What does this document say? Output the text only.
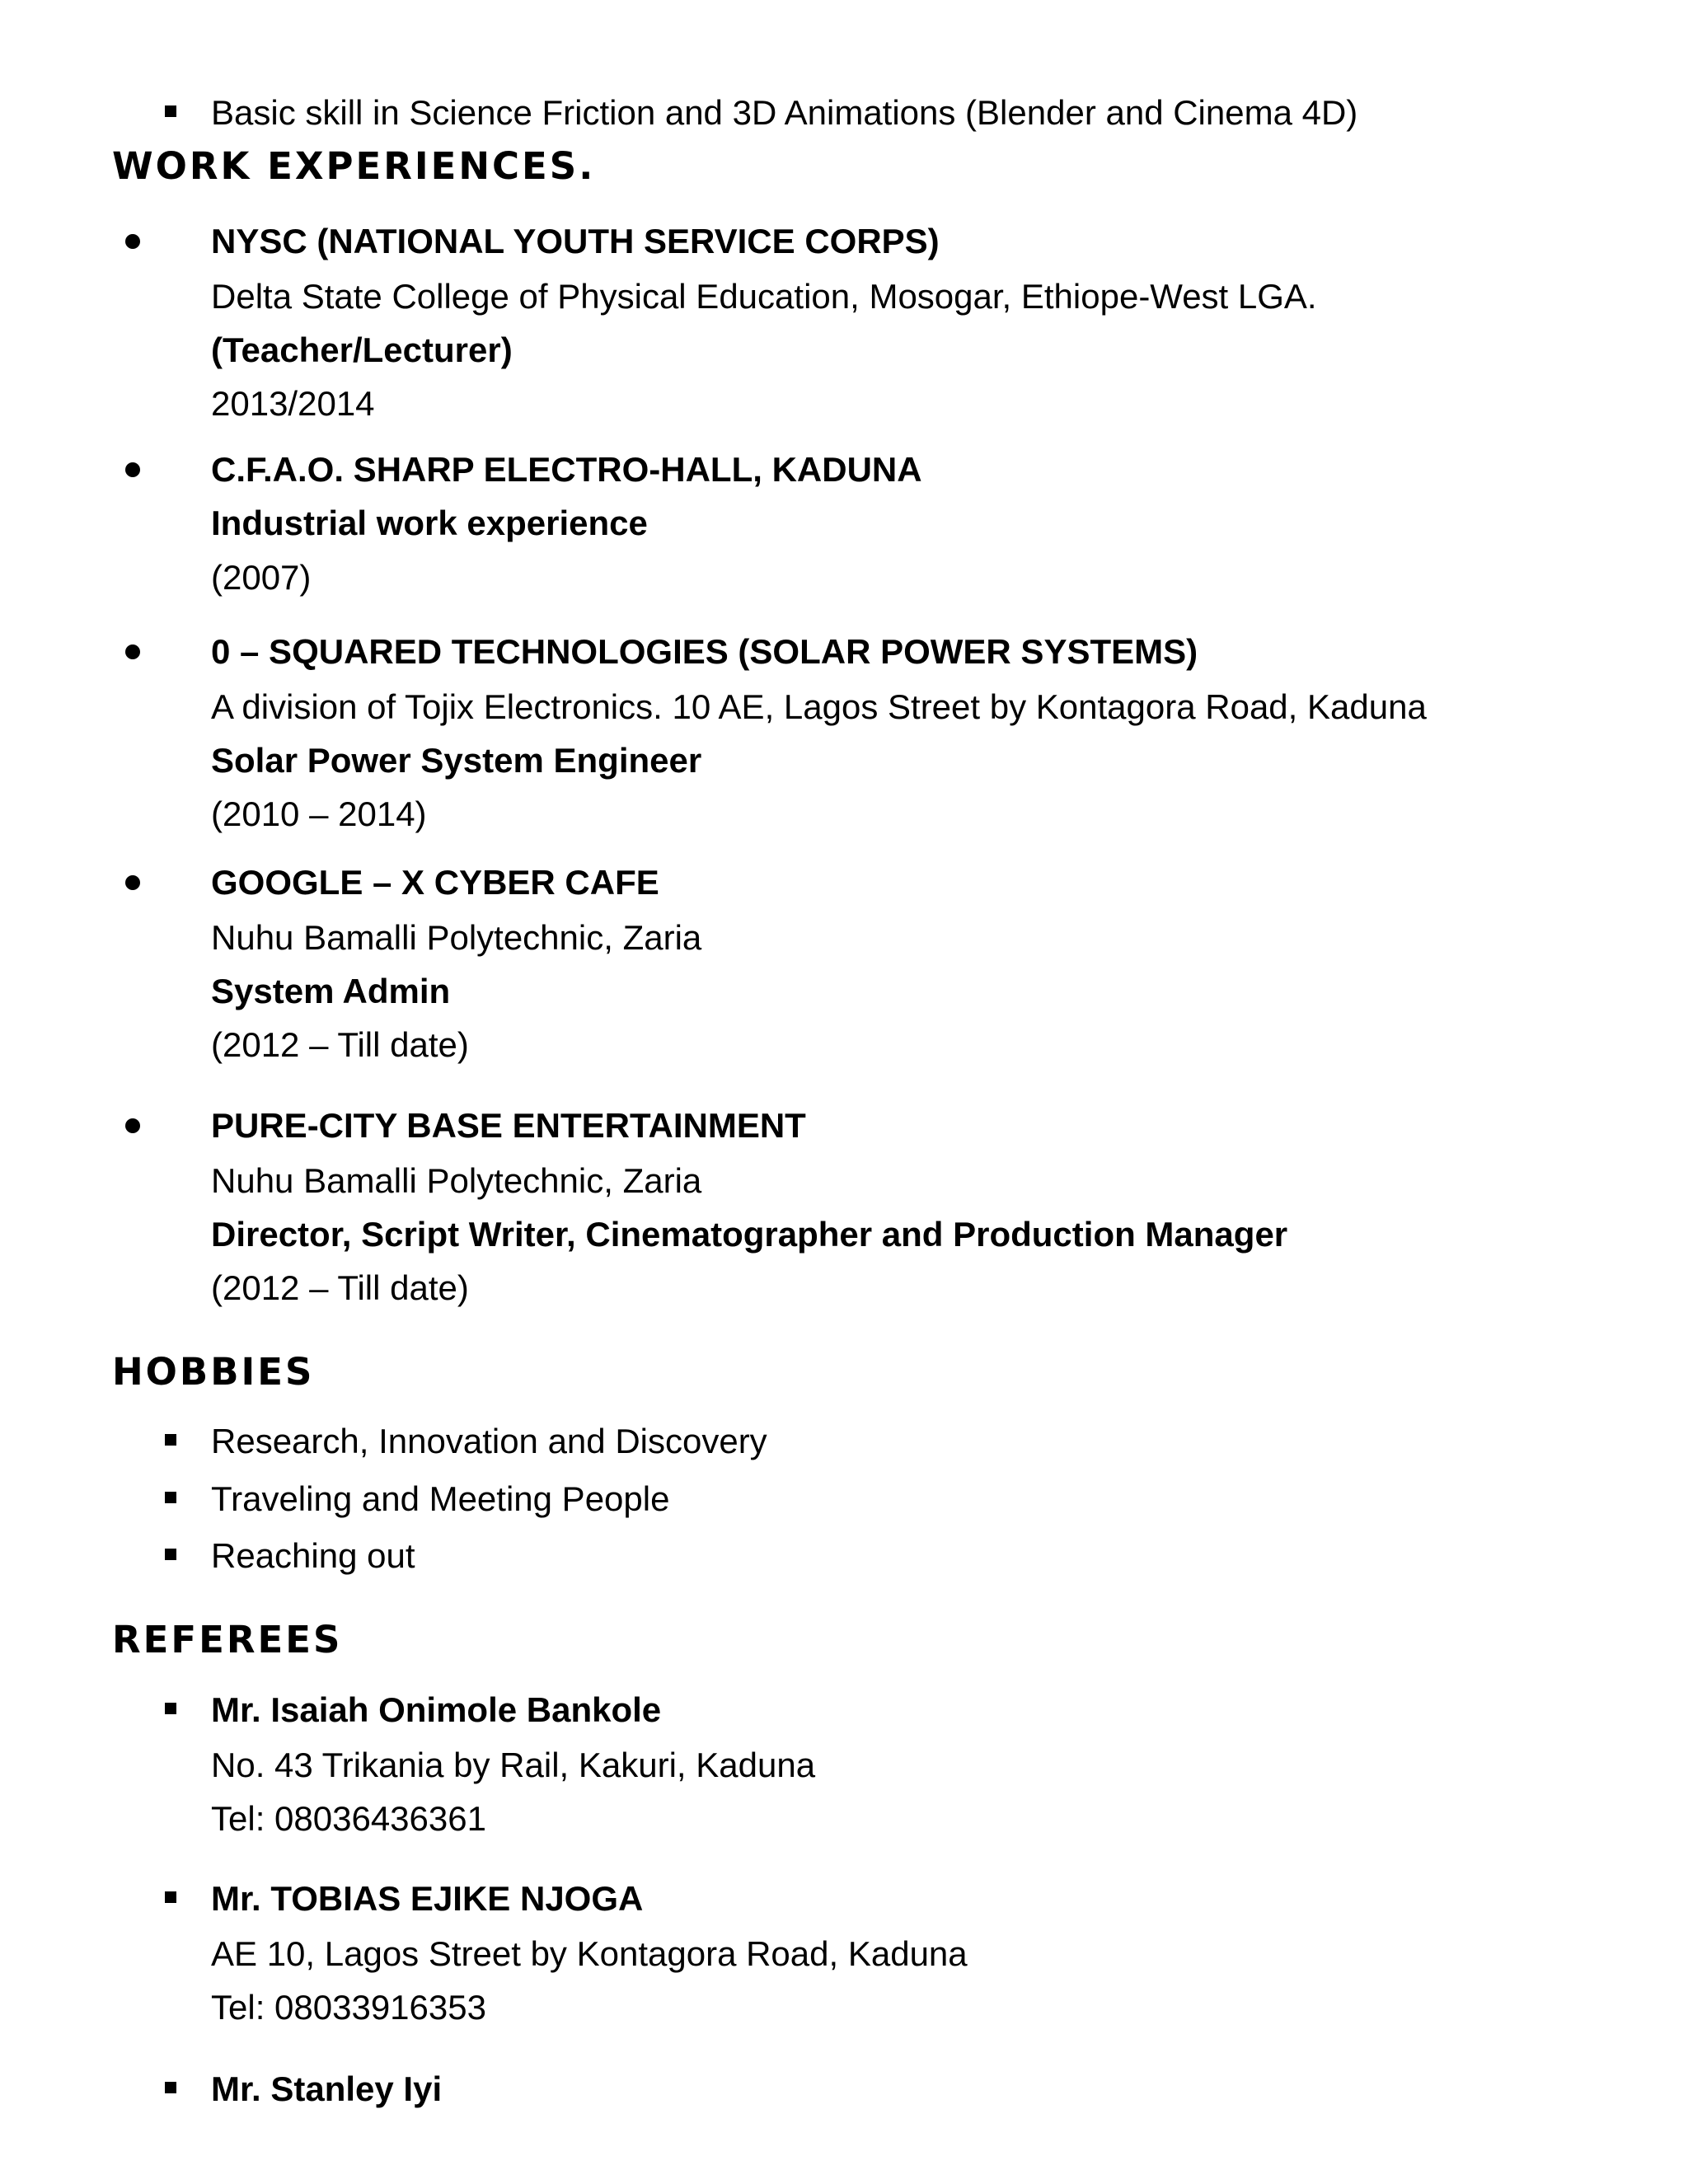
Basic skill in Science Friction and 3D Animations (Blender and Cinema 4D)
WORK EXPERIENCES.
NYSC (NATIONAL YOUTH SERVICE CORPS)
Delta State College of Physical Education, Mosogar, Ethiope-West LGA.
(Teacher/Lecturer)
2013/2014
C.F.A.O. SHARP ELECTRO-HALL, KADUNA
Industrial work experience
(2007)
0 – SQUARED TECHNOLOGIES (SOLAR POWER SYSTEMS)
A division of Tojix Electronics. 10 AE, Lagos Street by Kontagora Road, Kaduna
Solar Power System Engineer
(2010 – 2014)
GOOGLE – X CYBER CAFE
Nuhu Bamalli Polytechnic, Zaria
System Admin
(2012 – Till date)
PURE-CITY BASE ENTERTAINMENT
Nuhu Bamalli Polytechnic, Zaria
Director, Script Writer, Cinematographer and Production Manager
(2012 – Till date)
HOBBIES
Research, Innovation and Discovery
Traveling and Meeting People
Reaching out
REFEREES
Mr. Isaiah Onimole Bankole
No. 43 Trikania by Rail, Kakuri, Kaduna
Tel: 08036436361
Mr. TOBIAS EJIKE NJOGA
AE 10, Lagos Street by Kontagora Road, Kaduna
Tel: 08033916353
Mr. Stanley Iyi
